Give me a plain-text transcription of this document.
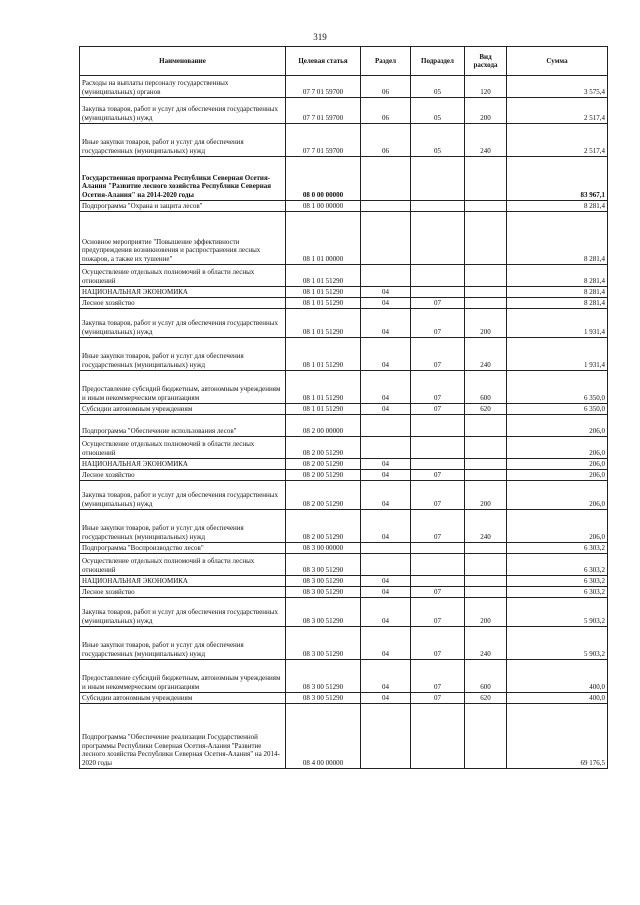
319
Наименование	Целевая статья	Раздел	Подраздел	Вид расхода	Сумма
Расходы на выплаты персоналу государственных (муниципальных) органов	07 7 01 59700	06	05	120	3 575,4
Закупка товаров, работ и услуг для обеспечения государственных (муниципальных) нужд	07 7 01 59700	06	05	200	2 517,4
Иные закупки товаров, работ и услуг для обеспечения государственных (муниципальных) нужд	07 7 01 59700	06	05	240	2 517,4
Государственная программа Республики Северная Осетия-Алания "Развитие лесного хозяйства Республики Северная Осетия-Алания" на 2014-2020 годы	08 0 00 00000				83 967,1
Подпрограмма "Охрана и защита лесов"	08 1 00 00000				8 281,4
Основное мероприятие "Повышение эффективности предупреждения возникновения и распространения лесных пожаров, а также их тушение"	08 1 01 00000				8 281,4
Осуществление отдельных полномочий в области лесных отношений	08 1 01 51290				8 281,4
НАЦИОНАЛЬНАЯ ЭКОНОМИКА	08 1 01 51290	04			8 281,4
Лесное хозяйство	08 1 01 51290	04	07		8 281,4
Закупка товаров, работ и услуг для обеспечения государственных (муниципальных) нужд	08 1 01 51290	04	07	200	1 931,4
Иные закупки товаров, работ и услуг для обеспечения государственных (муниципальных) нужд	08 1 01 51290	04	07	240	1 931,4
Предоставление субсидий бюджетным, автономным учреждениям и иным некоммерческим организациям	08 1 01 51290	04	07	600	6 350,0
Субсидии автономным учреждениям	08 1 01 51290	04	07	620	6 350,0
Подпрограмма "Обеспечение использования лесов"	08 2 00 00000				206,0
Осуществление отдельных полномочий в области лесных отношений	08 2 00 51290				206,0
НАЦИОНАЛЬНАЯ ЭКОНОМИКА	08 2 00 51290	04			206,0
Лесное хозяйство	08 2 00 51290	04	07		206,0
Закупка товаров, работ и услуг для обеспечения государственных (муниципальных) нужд	08 2 00 51290	04	07	200	206,0
Иные закупки товаров, работ и услуг для обеспечения государственных (муниципальных) нужд	08 2 00 51290	04	07	240	206,0
Подпрограмма "Воспроизводство лесов"	08 3 00 00000				6 303,2
Осуществление отдельных полномочий в области лесных отношений	08 3 00 51290				6 303,2
НАЦИОНАЛЬНАЯ ЭКОНОМИКА	08 3 00 51290	04			6 303,2
Лесное хозяйство	08 3 00 51290	04	07		6 303,2
Закупка товаров, работ и услуг для обеспечения государственных (муниципальных) нужд	08 3 00 51290	04	07	200	5 903,2
Иные закупки товаров, работ и услуг для обеспечения государственных (муниципальных) нужд	08 3 00 51290	04	07	240	5 903,2
Предоставление субсидий бюджетным, автономным учреждениям и иным некоммерческим организациям	08 3 00 51290	04	07	600	400,0
Субсидии автономным учреждениям	08 3 00 51290	04	07	620	400,0
Подпрограмма "Обеспечение реализации Государственной программы Республики Северная Осетия-Алания "Развитие лесного хозяйства Республики Северная Осетия-Алания" на 2014-2020 годы	08 4 00 00000				69 176,5
